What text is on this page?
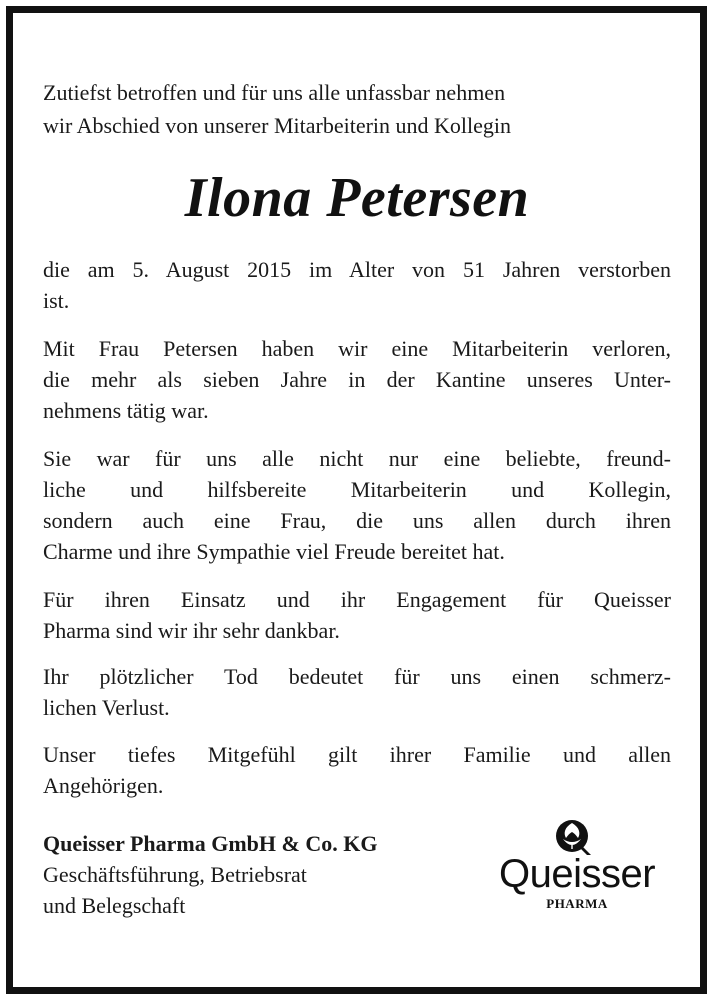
Zutiefst betroffen und für uns alle unfassbar nehmen
wir Abschied von unserer Mitarbeiterin und Kollegin

Ilona Petersen

die am 5. August 2015 im Alter von 51 Jahren verstorben
ist.

Mit Frau Petersen haben wir eine Mitarbeiterin verloren,
die mehr als sieben Jahre in der Kantine unseres Unter-
nehmens tätig war.

Sie war für uns alle nicht nur eine beliebte, freund-
liche und hilfsbereite Mitarbeiterin und Kollegin,
sondern auch eine Frau, die uns allen durch ihren
Charme und ihre Sympathie viel Freude bereitet hat.

Für ihren Einsatz und ihr Engagement für Queisser
Pharma sind wir ihr sehr dankbar.

Ihr plötzlicher Tod bedeutet für uns einen schmerz-
lichen Verlust.

Unser tiefes Mitgefühl gilt ihrer Familie und allen
Angehörigen.

Queisser Pharma GmbH & Co. KG
Geschäftsführung, Betriebsrat
und Belegschaft
Queisser
PHARMA
